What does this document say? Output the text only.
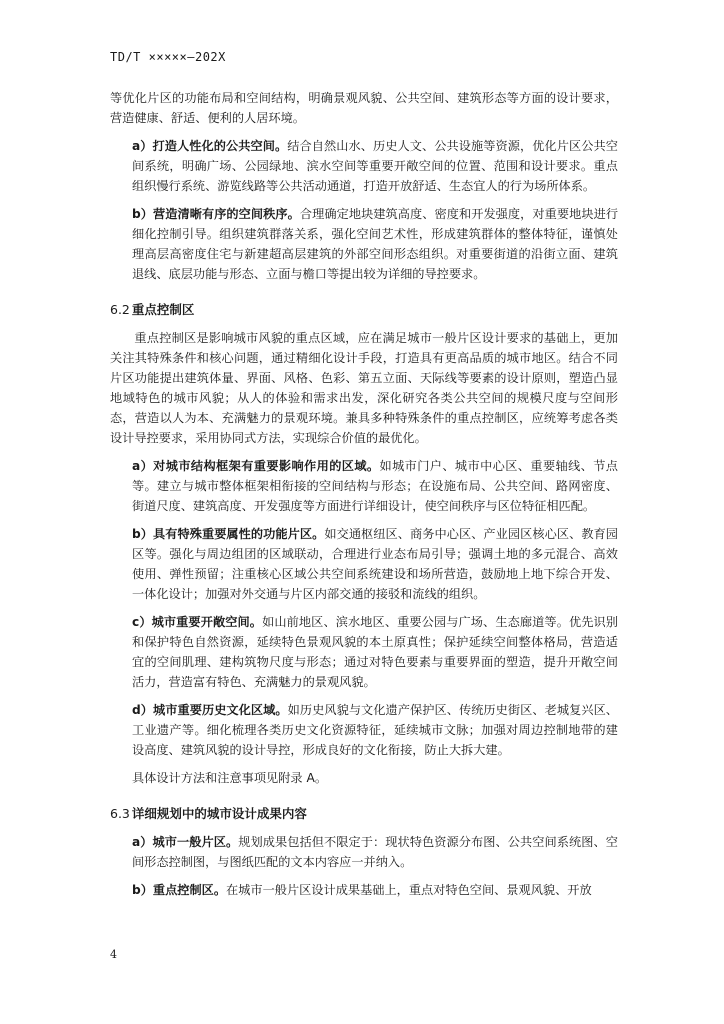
TD/T ×××××—202X

等优化片区的功能布局和空间结构，明确景观风貌、公共空间、建筑形态等方面的设计要求，营造健康、舒适、便利的人居环境。

a）打造人性化的公共空间。结合自然山水、历史人文、公共设施等资源，优化片区公共空间系统，明确广场、公园绿地、滨水空间等重要开敞空间的位置、范围和设计要求。重点组织慢行系统、游览线路等公共活动通道，打造开放舒适、生态宜人的行为场所体系。

b）营造清晰有序的空间秩序。合理确定地块建筑高度、密度和开发强度，对重要地块进行细化控制引导。组织建筑群落关系，强化空间艺术性，形成建筑群体的整体特征，谨慎处理高层高密度住宅与新建超高层建筑的外部空间形态组织。对重要街道的沿街立面、建筑退线、底层功能与形态、立面与檐口等提出较为详细的导控要求。

6.2 重点控制区

重点控制区是影响城市风貌的重点区域，应在满足城市一般片区设计要求的基础上，更加关注其特殊条件和核心问题，通过精细化设计手段，打造具有更高品质的城市地区。结合不同片区功能提出建筑体量、界面、风格、色彩、第五立面、天际线等要素的设计原则，塑造凸显地域特色的城市风貌；从人的体验和需求出发，深化研究各类公共空间的规模尺度与空间形态，营造以人为本、充满魅力的景观环境。兼具多种特殊条件的重点控制区，应统筹考虑各类设计导控要求，采用协同式方法，实现综合价值的最优化。

a）对城市结构框架有重要影响作用的区域。如城市门户、城市中心区、重要轴线、节点等。建立与城市整体框架相衔接的空间结构与形态；在设施布局、公共空间、路网密度、街道尺度、建筑高度、开发强度等方面进行详细设计，使空间秩序与区位特征相匹配。

b）具有特殊重要属性的功能片区。如交通枢纽区、商务中心区、产业园区核心区、教育园区等。强化与周边组团的区域联动，合理进行业态布局引导；强调土地的多元混合、高效使用、弹性预留；注重核心区域公共空间系统建设和场所营造，鼓励地上地下综合开发、一体化设计；加强对外交通与片区内部交通的接驳和流线的组织。

c）城市重要开敞空间。如山前地区、滨水地区、重要公园与广场、生态廊道等。优先识别和保护特色自然资源，延续特色景观风貌的本土原真性；保护延续空间整体格局，营造适宜的空间肌理、建构筑物尺度与形态；通过对特色要素与重要界面的塑造，提升开敞空间活力，营造富有特色、充满魅力的景观风貌。

d）城市重要历史文化区域。如历史风貌与文化遗产保护区、传统历史街区、老城复兴区、工业遗产等。细化梳理各类历史文化资源特征，延续城市文脉；加强对周边控制地带的建设高度、建筑风貌的设计导控，形成良好的文化衔接，防止大拆大建。

具体设计方法和注意事项见附录 A。

6.3 详细规划中的城市设计成果内容

a）城市一般片区。规划成果包括但不限定于：现状特色资源分布图、公共空间系统图、空间形态控制图，与图纸匹配的文本内容应一并纳入。

b）重点控制区。在城市一般片区设计成果基础上，重点对特色空间、景观风貌、开放

4
